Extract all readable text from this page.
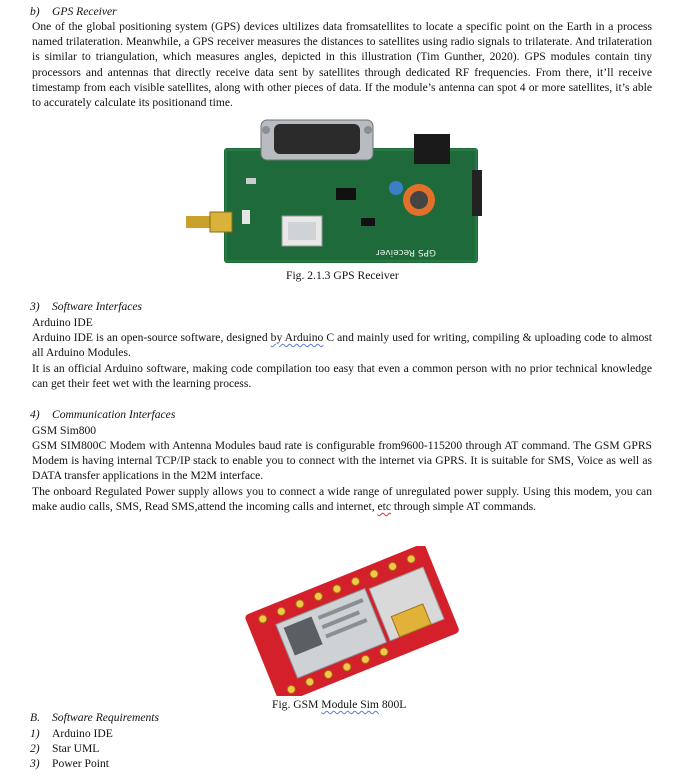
b) GPS Receiver

One of the global positioning system (GPS) devices ultilizes data fromsatellites to locate a specific point on the Earth in a process named trilateration. Meanwhile, a GPS receiver measures the distances to satellites using radio signals to trilaterate. And trilateration is similar to triangulation, which measures angles, depicted in this illustration (Tim Gunther, 2020). GPS modules contain tiny processors and antennas that directly receive data sent by satellites through dedicated RF frequencies. From there, it’ll receive timestamp from each visible satellites, along with other pieces of data. If the module’s antenna can spot 4 or more satellites, it’s able to accurately calculate its positionand time.

GPS Receiver
Fig. 2.1.3 GPS Receiver
3) Software Interfaces
Arduino IDE

Arduino IDE is an open-source software, designed by Arduino C and mainly used for writing, compiling & uploading code to almost all Arduino Modules.

It is an official Arduino software, making code compilation too easy that even a common person with no prior technical knowledge can get their feet wet with the learning process.

4) Communication Interfaces
GSM Sim800

GSM SIM800C Modem with Antenna Modules baud rate is configurable from9600-115200 through AT command. The GSM GPRS Modem is having internal TCP/IP stack to enable you to connect with the internet via GPRS. It is suitable for SMS, Voice as well as DATA transfer applications in the M2M interface.

The onboard Regulated Power supply allows you to connect a wide range of unregulated power supply. Using this modem, you can make audio calls, SMS, Read SMS,attend the incoming calls and internet, etc through simple AT commands.

Fig. GSM Module Sim 800L
B. Software Requirements
1) Arduino IDE
2) Star UML
3) Power Point
